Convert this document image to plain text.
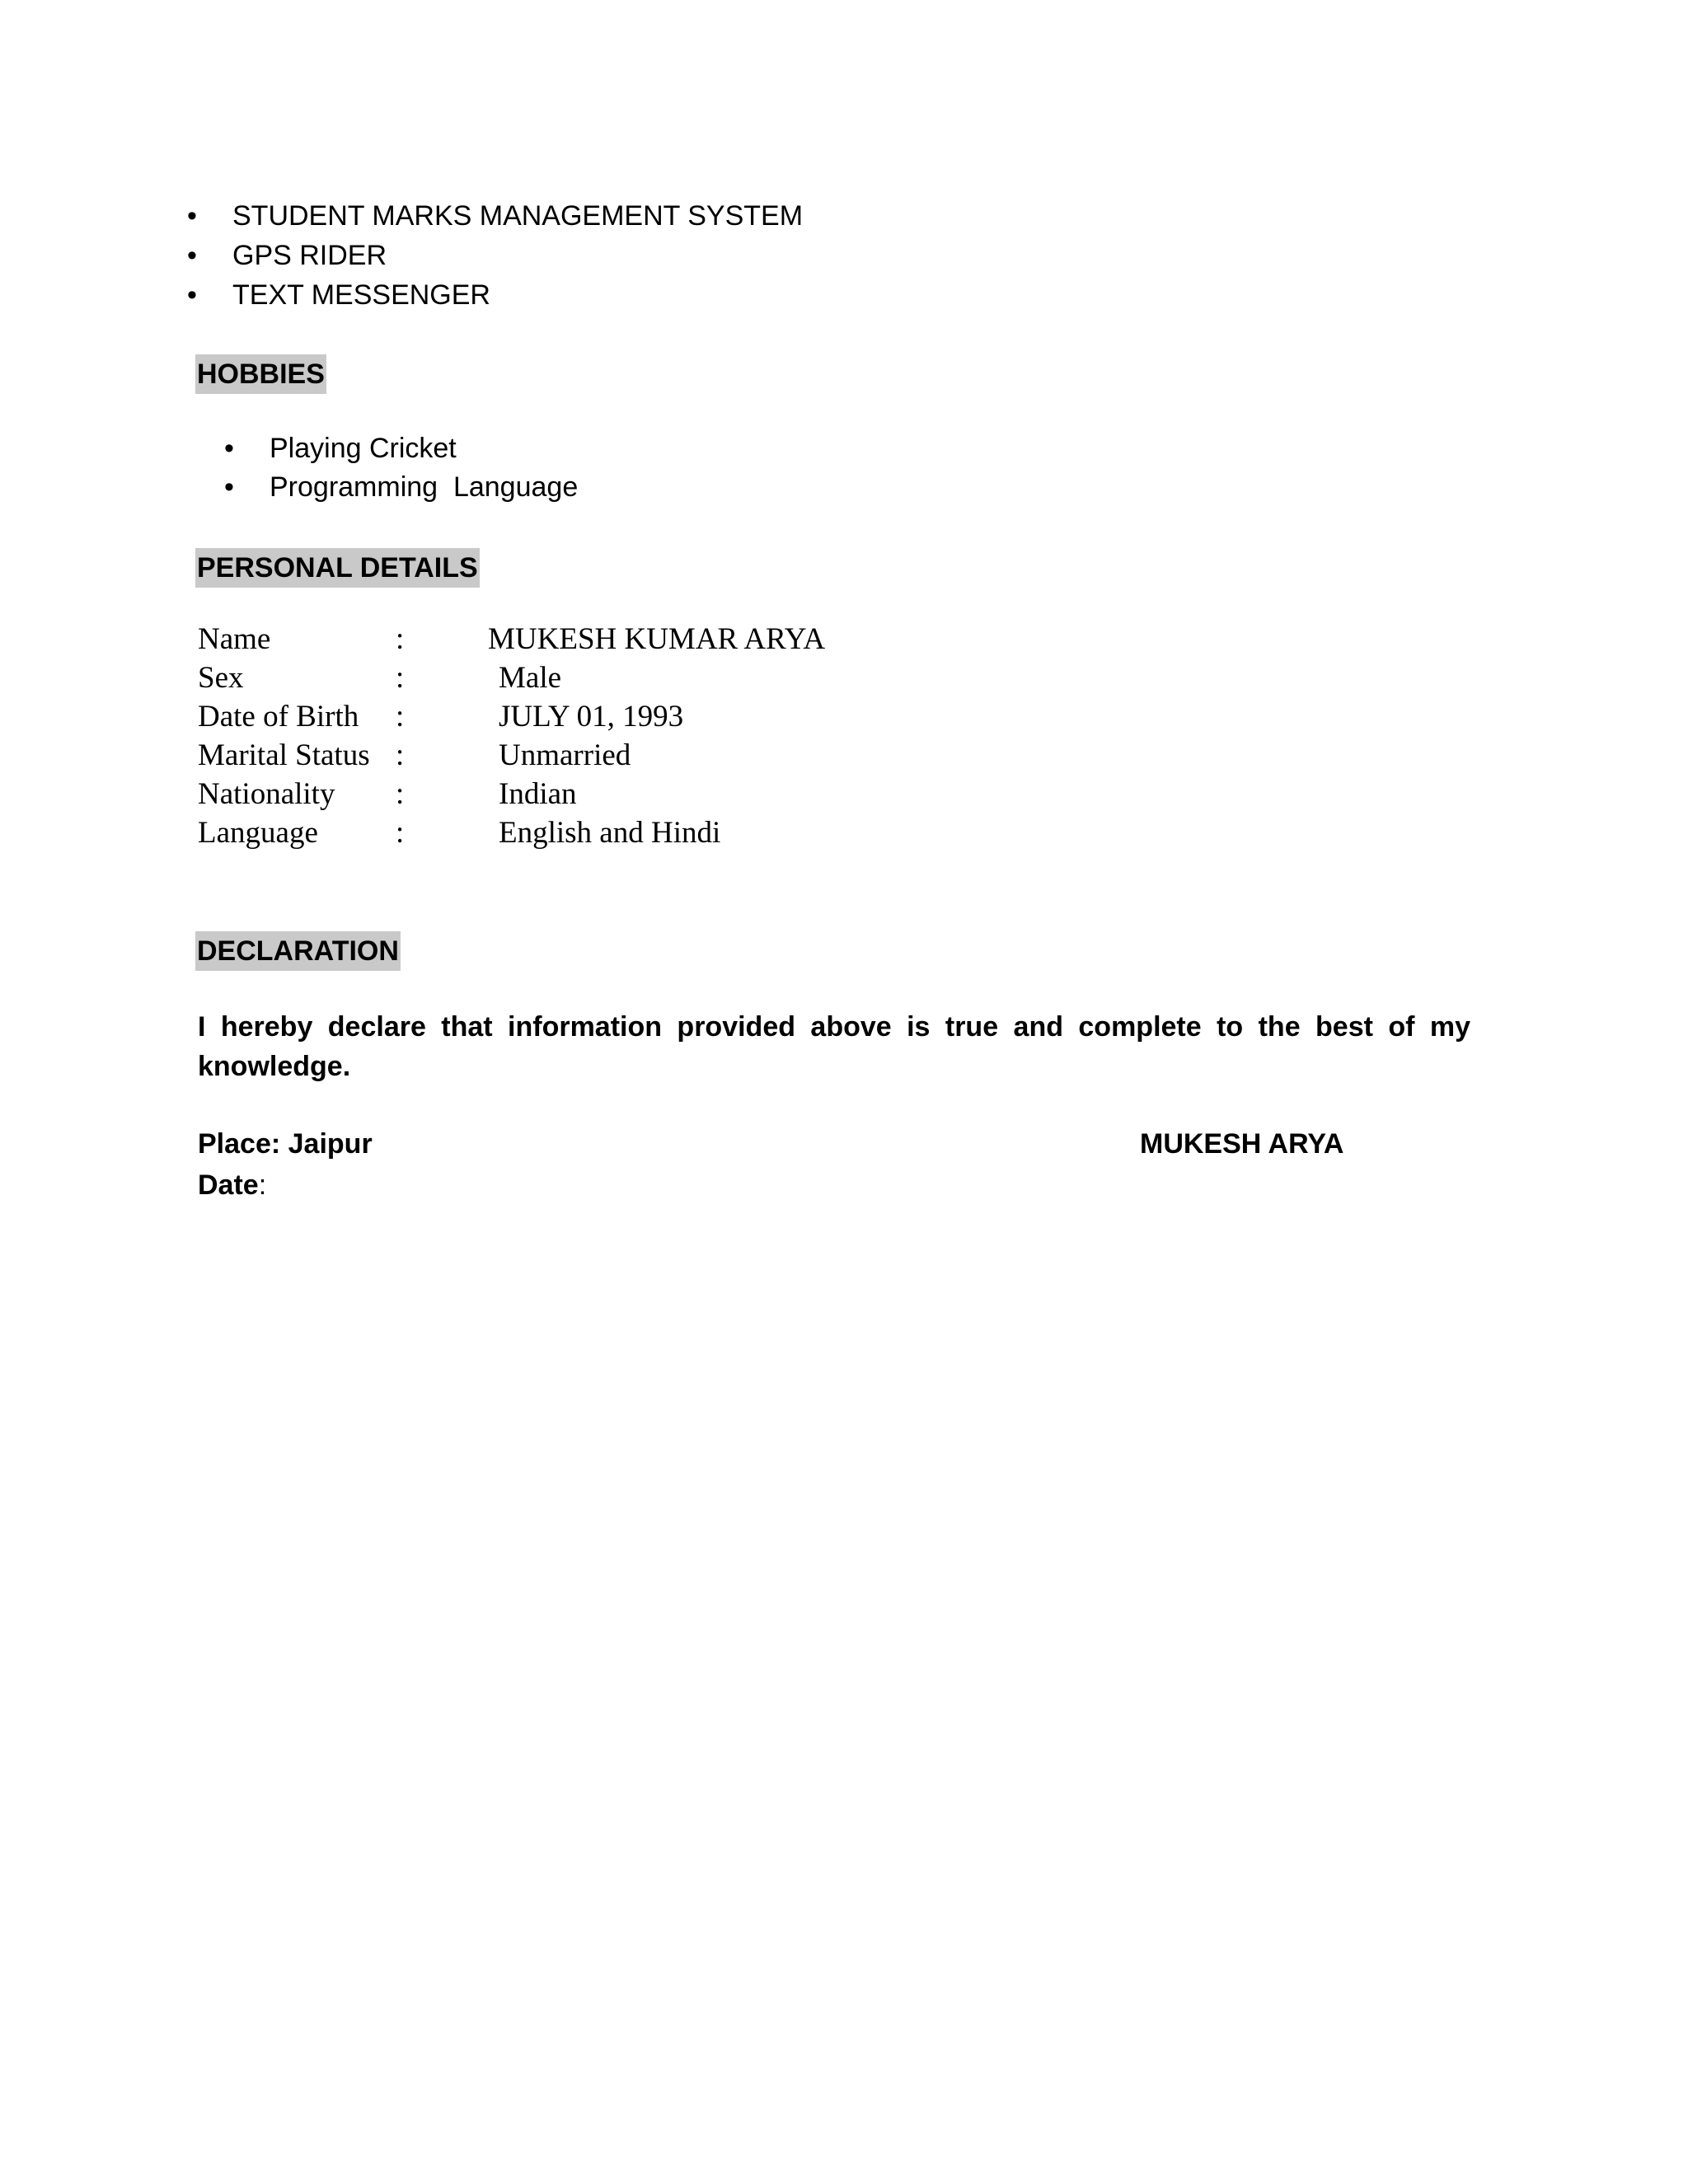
• STUDENT MARKS MANAGEMENT SYSTEM
• GPS RIDER
• TEXT MESSENGER
HOBBIES
• Playing Cricket
• Programming  Language
PERSONAL DETAILS
Name	:	MUKESH KUMAR ARYA
Sex	:	Male
Date of Birth :	JULY 01, 1993
Marital Status :	Unmarried
Nationality :	Indian
Language	:	English and Hindi
DECLARATION

I hereby declare that information provided above is true and complete to the best of my knowledge.

Place: Jaipur	MUKESH ARYA
Date:
